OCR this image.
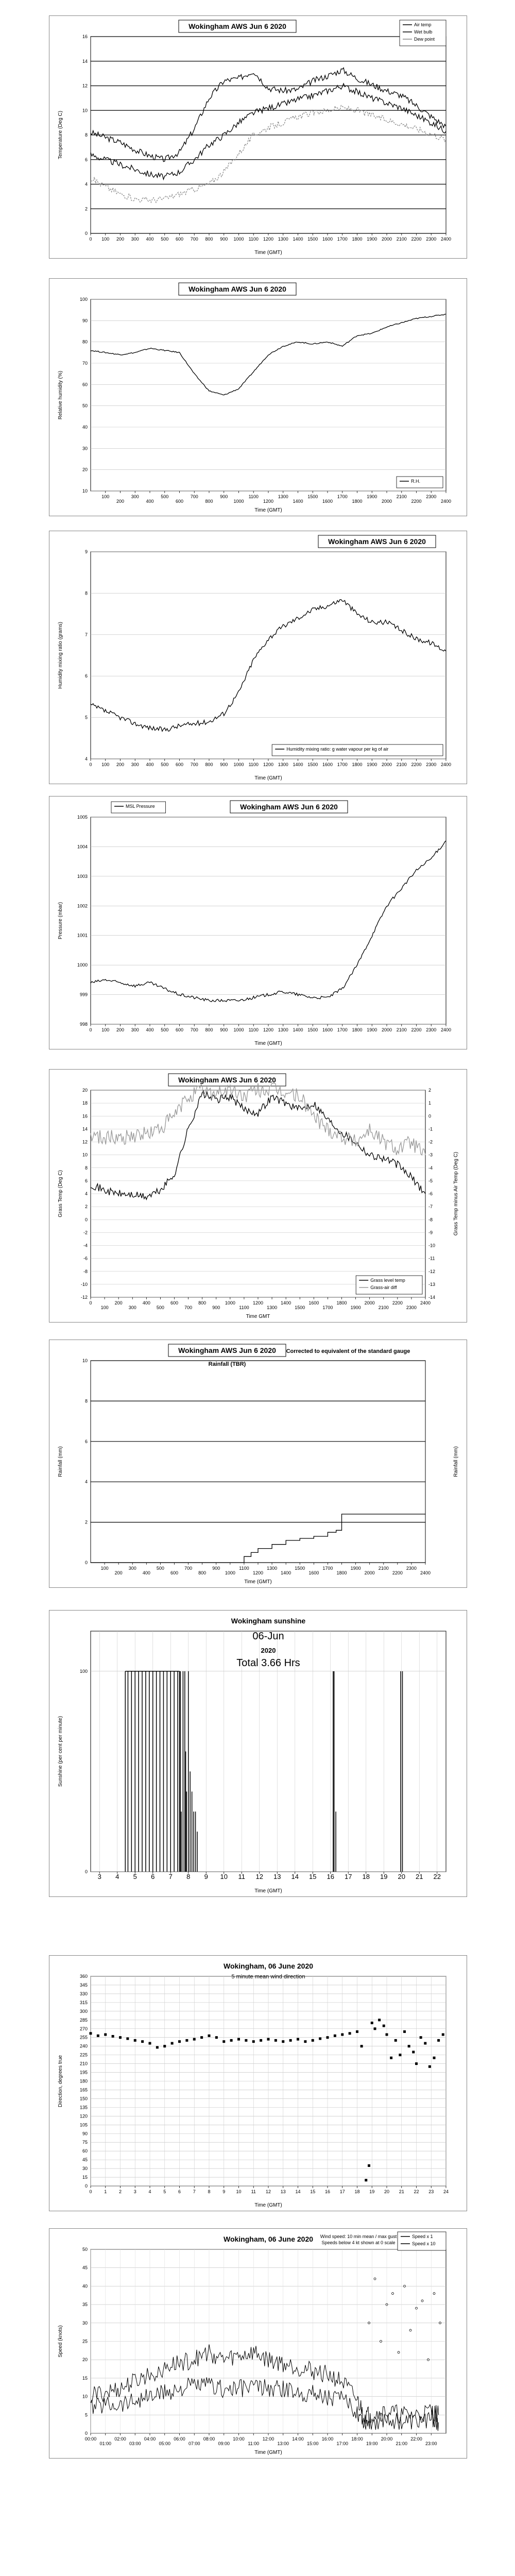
0
2
4
6
8
10
12
14
16
0 100 200 300 400 500 600 700 800 900 1000 1100 1200 1300 1400 1500 1600 1700 1800 1900 2000 2100 2200 2300 2400
Time (GMT)
Temperature (Deg C)
Wokingham AWS Jun 6 2020	Air temp
Wet bulb
Dew point
10
20
30
40
50
60
70
80
90
100
100
200
300
400
500
600
700
800
900
1000
1100
1200
1300
1400
1500
1600
1700
1800
1900
2000
2100
2200
2300
2400
Time (GMT)
Relative humidity (%)
Wokingham AWS Jun 6 2020
R.H.
4
5
6
7
8
9
0 100 200 300 400 500 600 700 800 900 1000 1100 1200 1300 1400 1500 1600 1700 1800 1900 2000 2100 2200 2300 2400
Time (GMT)
Humidity mixing ratio (grams)
Wokingham AWS Jun 6 2020
Humidity mixing ratio: g water vapour per kg of air
998
999
1000
1001
1002
1003
1004
1005
0 100 200 300 400 500 600 700 800 900 1000 1100 1200 1300 1400 1500 1600 1700 1800 1900 2000 2100 2200 2300 2400
Time (GMT)
Pressure (mbar)
Wokingham AWS Jun 6 2020
MSL Pressure
-12
-10
-8
-6
-4
-2
0
2
4
6
8
10
12
14
16
18
20
-14
-13
-12
-11
-10
-9
-8
-7
-6
-5
-4
-3
-2
-1
0
1
2
0
100
200
300
400
500
600
700
800
900
1000
1100
1200
1300
1400
1500
1600
1700
1800
1900
2000
2100
2200
2300
2400
Time GMT
Grass Temp (Deg C)	Grass Temp minus Air Temp (Deg C)
Wokingham AWS Jun 6 2020
Grass level temp
Grass-air diff
0
2
4
6
8
10
100
200
300
400
500
600
700
800
900
1000
1100
1200
1300
1400
1500
1600
1700
1800
1900
2000
2100
2200
2300
2400
Time (GMT)
Rainfall (mm)	Rainfall (mm)
Wokingham AWS Jun 6 2020
Rainfall (TBR)
Corrected to equivalent of the standard gauge
0
100
3 4 5 6 7 8 9 10 11 12 13 14 15 16 17 18 19 20 21 22
Time (GMT)
Sunshine (per cent per minute)
Wokingham sunshine
06-Jun
2020
Total 3.66 Hrs
0
15
30
45
60
75
90
105
120
135
150
165
180
195
210
225
240
255
270
285
300
315
330
345
360
0	1	2	3	4	5	6	7	8	9 10 11 12 13 14 15 16 17 18 19 20 21 22 23 24
Time (GMT)
Direction, degrees true
Wokingham, 06 June 2020
5 minute mean wind direction
0
5
10
15
20
25
30
35
40
45
50
00:00
01:00
02:00
03:00
04:00
05:00
06:00
07:00
08:00
09:00
10:00
11:00
12:00
13:00
14:00
15:00
16:00
17:00
18:00
19:00
20:00
21:00
22:00
23:00
Time (GMT)
Speed (knots)
Wokingham, 06 June 2020 Wind speed: 10 min mean / max gust
Speeds below 4 kt shown at 0 scale
Speed x 1
Speed x 10
